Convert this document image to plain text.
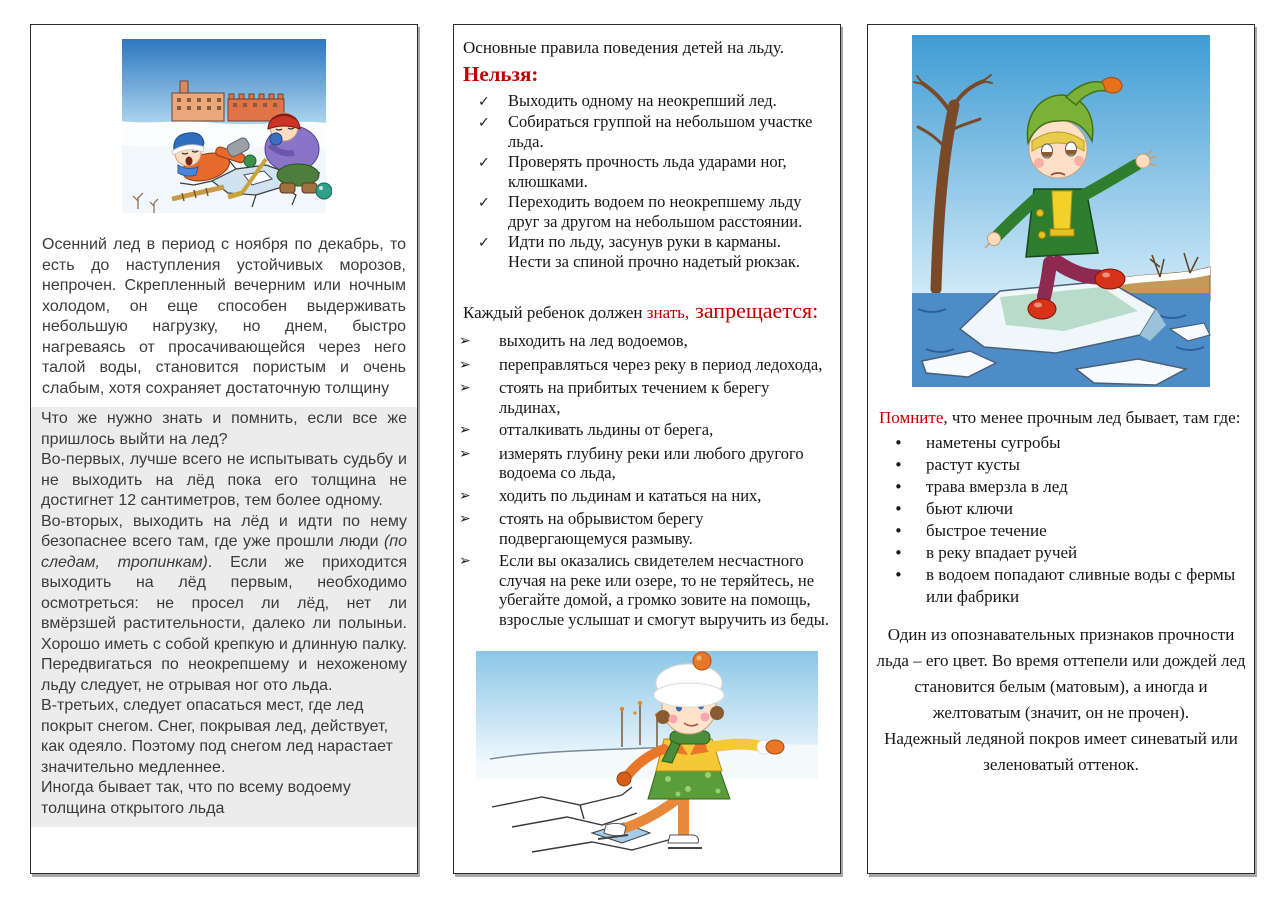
Осенний лед в период с ноября по декабрь, то есть до наступления устойчивых морозов, непрочен. Скрепленный вечерним или ночным холодом, он еще способен выдерживать небольшую нагрузку, но днем, быстро нагреваясь от просачивающейся через него талой воды, становится пористым и очень слабым, хотя сохраняет достаточную толщину

Что же нужно знать и помнить, если все же пришлось выйти на лед?

Во-первых, лучше всего не испытывать судьбу и не выходить на лёд пока его толщина не достигнет 12 сантиметров, тем более одному.

Во-вторых, выходить на лёд и идти по нему безопаснее всего там, где уже прошли люди (по следам, тропинкам). Если же приходится выходить на лёд первым, необходимо осмотреться: не просел ли лёд, нет ли вмёрзшей растительности, далеко ли полыньи. Хорошо иметь с собой крепкую и длинную палку. Передвигаться по неокрепшему и нехоженому льду следует, не отрывая ног ото льда.

В-третьих, следует опасаться мест, где лед покрыт снегом. Снег, покрывая лед, действует, как одеяло. Поэтому под снегом лед нарастает значительно медленнее.

Иногда бывает так, что по всему водоему толщина открытого льда

Основные правила поведения детей на льду.

Нельзя:

✓	Выходить одному на неокрепший лед.
✓	Собираться группой на небольшом участке льда.
✓	Проверять прочность льда ударами ног, клюшками.
✓	Переходить водоем по неокрепшему льду друг за другом на небольшом расстоянии.
✓	Идти по льду, засунув руки в карманы.
Нести за спиной прочно надетый рюкзак.

Каждый ребенок должен знать, запрещается:

➢	выходить на лед водоемов,
➢	переправляться через реку в период ледохода,
➢	стоять на прибитых течением к берегу льдинах,
➢	отталкивать льдины от берега,
➢	измерять глубину реки или любого другого водоема со льда,
➢	ходить по льдинам и кататься на них,
➢	стоять на обрывистом берегу подвергающемуся размыву.
➢	Если вы оказались свидетелем несчастного случая на реке или озере, то не теряйтесь, не убегайте домой, а громко зовите на помощь, взрослые услышат и смогут выручить из беды.

Помните, что менее прочным лед бывает, там где:

•	наметены сугробы
•	растут кусты
•	трава вмерзла в лед
•	бьют ключи
•	быстрое течение
•	в реку впадает ручей
•	в водоем попадают сливные воды с фермы или фабрики

Один из опознавательных признаков прочности льда – его цвет. Во время оттепели или дождей лед становится белым (матовым), а иногда и желтоватым (значит, он не прочен).

Надежный ледяной покров имеет синеватый или зеленоватый оттенок.
